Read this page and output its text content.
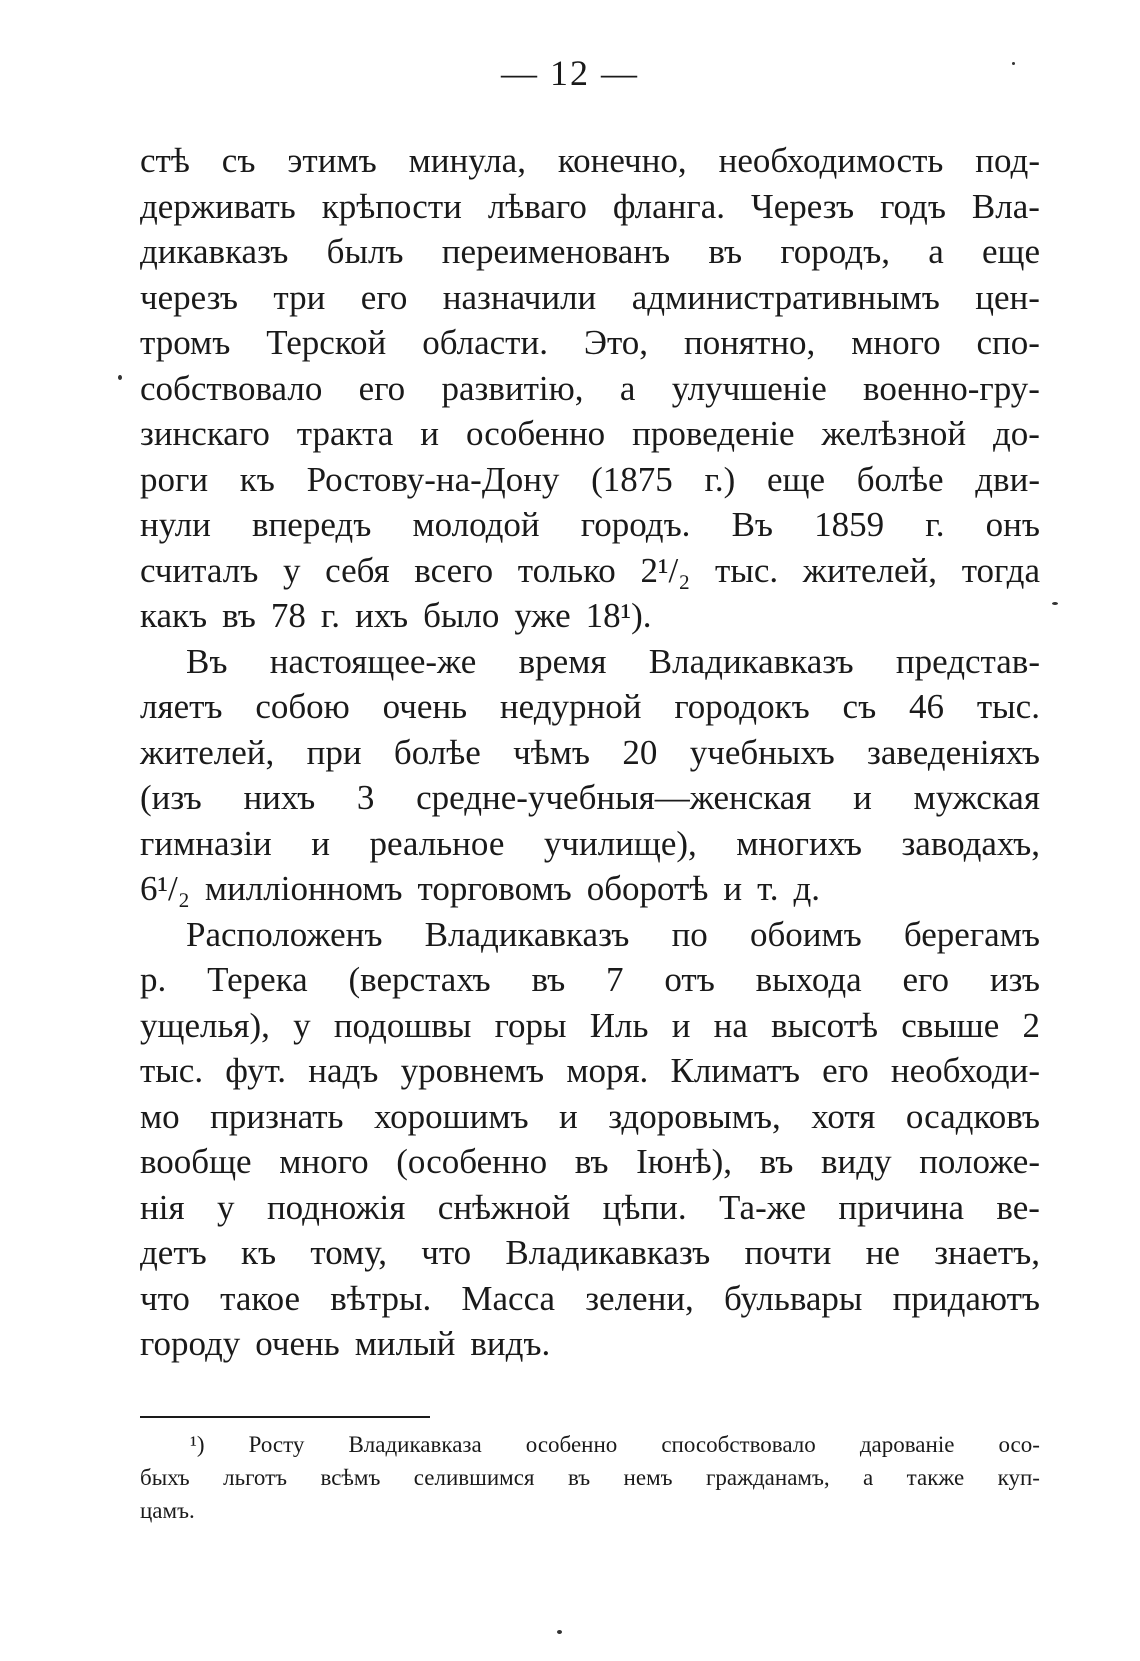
— 12 —
стѣ съ этимъ минула, конечно, необходимость под-
держивать крѣпости лѣваго фланга. Черезъ годъ Вла-
дикавказъ былъ переименованъ въ городъ, а еще
черезъ три его назначили административнымъ цен-
тромъ Терской области. Это, понятно, много спо-
собствовало его развитію, а улучшеніе военно-гру-
зинскаго тракта и особенно проведеніе желѣзной до-
роги къ Ростову-на-Дону (1875 г.) еще болѣе дви-
нули впередъ молодой городъ. Въ 1859 г. онъ
считалъ у себя всего только 2¹/₂ тыс. жителей, тогда
какъ въ 78 г. ихъ было уже 18¹).
Въ настоящее-же время Владикавказъ представ-
ляетъ собою очень недурной городокъ съ 46 тыс.
жителей, при болѣе чѣмъ 20 учебныхъ заведеніяхъ
(изъ нихъ 3 средне-учебныя—женская и мужская
гимназіи и реальное училище), многихъ заводахъ,
6¹/₂ милліонномъ торговомъ оборотѣ и т. д.
Расположенъ Владикавказъ по обоимъ берегамъ
р. Терека (верстахъ въ 7 отъ выхода его изъ
ущелья), у подошвы горы Иль и на высотѣ свыше 2
тыс. фут. надъ уровнемъ моря. Климатъ его необходи-
мо признать хорошимъ и здоровымъ, хотя осадковъ
вообще много (особенно въ Іюнѣ), въ виду положе-
нія у подножія снѣжной цѣпи. Та-же причина ве-
детъ къ тому, что Владикавказъ почти не знаетъ,
что такое вѣтры. Масса зелени, бульвары придаютъ
городу очень милый видъ.
¹) Росту Владикавказа особенно способствовало дарованіе осо-
быхъ льготъ всѣмъ селившимся въ немъ гражданамъ, а также куп-
цамъ.
